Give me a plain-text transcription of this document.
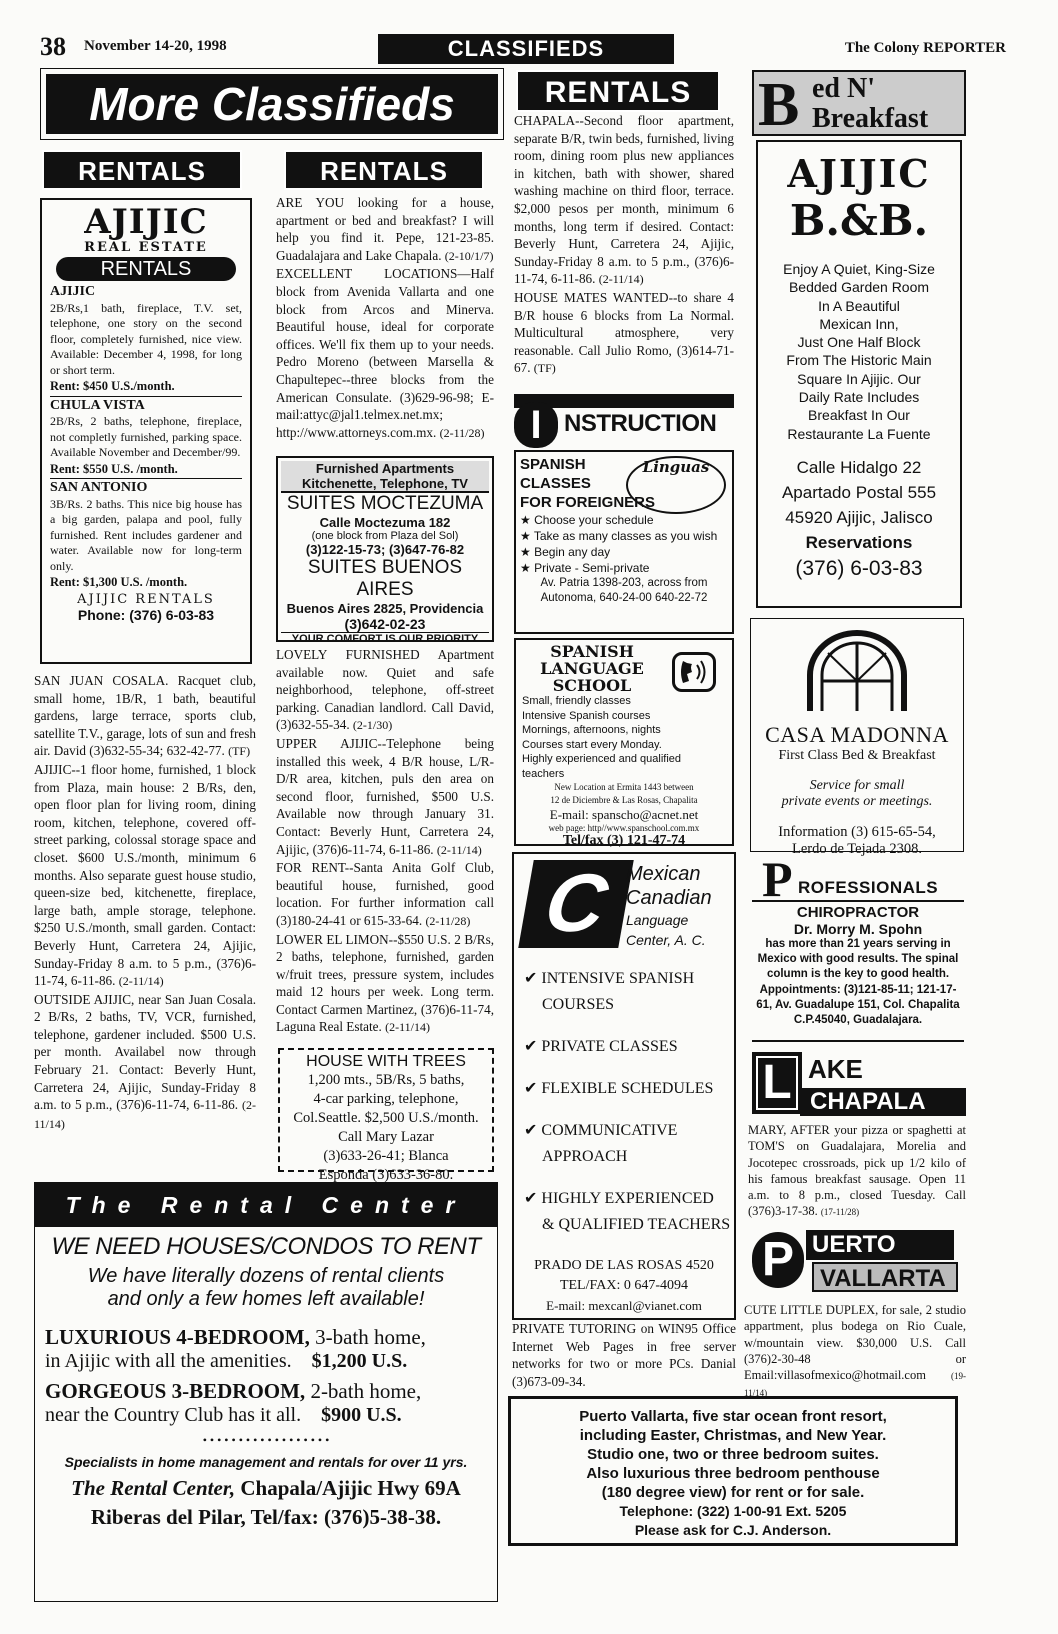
38 November 14-20, 1998	CLASSIFIEDS	The Colony REPORTER
More Classifieds
RENTALS
AJIJIC
REAL ESTATE
RENTALS

AJIJIC

2B/Rs,1 bath, fireplace, T.V. set, telephone, one story on the second floor, completely furnished, nice view. Available: December 4, 1998, for long or short term.

Rent: $450 U.S./month.

CHULA VISTA

2B/Rs, 2 baths, telephone, fireplace, not completly furnished, parking space. Available November and December/99.

Rent: $550 U.S. /month.

SAN ANTONIO

3B/Rs. 2 baths. This nice big house has a big garden, palapa and pool, fully furnished. Rent includes gardener and water. Available now for long-term only.

Rent: $1,300 U.S. /month.

AJIJIC RENTALS
Phone: (376) 6-03-83

SAN JUAN COSALA. Racquet club, small home, 1B/R, 1 bath, beautiful gardens, large terrace, sports club, satellite T.V., garage, lots of sun and fresh air. David (3)632-55-34; 632-42-77. (TF)

AJIJIC--1 floor home, furnished, 1 block from Plaza, main house: 2 B/Rs, den, open floor plan for living room, dining room, kitchen, telephone, covered off-street parking, colossal storage space and closet. $600 U.S./month, minimum 6 months. Also separate guest house studio, queen-size bed, kitchenette, fireplace, large bath, ample storage, telephone. $250 U.S./month, small garden. Contact: Beverly Hunt, Carretera 24, Ajijic, Sunday-Friday 8 a.m. to 5 p.m., (376)6-11-74, 6-11-86. (2-11/14)

OUTSIDE AJIJIC, near San Juan Cosala. 2 B/Rs, 2 baths, TV, VCR, furnished, telephone, gardener included. $500 U.S. per month. Availabel now through February 21. Contact: Beverly Hunt, Carretera 24, Ajijic, Sunday-Friday 8 a.m. to 5 p.m., (376)6-11-74, 6-11-86. (2-11/14)

RENTALS

ARE YOU looking for a house, apartment or bed and breakfast? I will help you find it. Pepe, 121-23-85. Guadalajara and Lake Chapala. (2-10/1/7)

EXCELLENT LOCATIONS—Half block from Avenida Vallarta and one block from Arcos and Minerva. Beautiful house, ideal for corporate offices. We'll fix them up to your needs. Pedro Moreno (between Marsella & Chapultepec--three blocks from the American Consulate. (3)629-96-98; E-mail:attyc@jal1.telmex.net.mx; http://www.attorneys.com.mx. (2-11/28)

Furnished Apartments
Kitchenette, Telephone, TV
SUITES MOCTEZUMA
Calle Moctezuma 182
(one block from Plaza del Sol)
(3)122-15-73; (3)647-76-82
SUITES BUENOS AIRES
Buenos Aires 2825, Providencia
(3)642-02-23
YOUR COMFORT IS OUR PRIORITY

LOVELY FURNISHED Apartment available now. Quiet and safe neighborhood, telephone, off-street parking. Canadian landlord. Call David, (3)632-55-34. (2-1/30)

UPPER AJIJIC--Telephone being installed this week, 4 B/R house, L/R-D/R area, kitchen, puls den area on second floor, furnished, $500 U.S. Available now through January 31. Contact: Beverly Hunt, Carretera 24, Ajijic, (376)6-11-74, 6-11-86. (2-11/14)

FOR RENT--Santa Anita Golf Club, beautiful house, furnished, good location. For further information call (3)180-24-41 or 615-33-64. (2-11/28)

LOWER EL LIMON--$550 U.S. 2 B/Rs, 2 baths, telephone, furnished, garden w/fruit trees, pressure system, includes maid 12 hours per week. Long term. Contact Carmen Martinez, (376)6-11-74, Laguna Real Estate. (2-11/14)

HOUSE WITH TREES
1,200 mts., 5B/Rs, 5 baths,
4-car parking, telephone,
Col.Seattle. $2,500 U.S./month.
Call Mary Lazar
(3)633-26-41; Blanca
Esponda (3)633-36-80.
The Rental Center
WE NEED HOUSES/CONDOS TO RENT
We have literally dozens of rental clients
and only a few homes left available!
LUXURIOUS 4-BEDROOM, 3-bath home,
in Ajijic with all the amenities. $1,200 U.S.
GORGEOUS 3-BEDROOM, 2-bath home,
near the Country Club has it all. $900 U.S.
• • • • • • • • • • • • • • • • • •
Specialists in home management and rentals for over 11 yrs.
The Rental Center, Chapala/Ajijic Hwy 69A
Riberas del Pilar, Tel/fax: (376)5-38-38.
RENTALS

CHAPALA--Second floor apartment, separate B/R, twin beds, furnished, living room, dining room plus new appliances in kitchen, bath with shower, shared washing machine on third floor, terrace. $2,000 pesos per month, minimum 6 months, long term if desired. Contact: Beverly Hunt, Carretera 24, Ajijic, Sunday-Friday 8 a.m. to 5 p.m., (376)6-11-74, 6-11-86. (2-11/14)

HOUSE MATES WANTED--to share 4 B/R house 6 blocks from La Normal. Multicultural atmosphere, very reasonable. Call Julio Romo, (3)614-71-67. (TF)

I NSTRUCTION
SPANISH
CLASSES
FOR FOREIGNERS
Linguas
★ Choose your schedule
★ Take as many classes as you wish
★ Begin any day
★ Private - Semi-private
Av. Patria 1398-203, across from
Autonoma, 640-24-00 640-22-72
SPANISH
LANGUAGE
SCHOOL
Small, friendly classes
Intensive Spanish courses
Mornings, afternoons, nights
Courses start every Monday.
Highly experienced and qualified teachers
New Location at Ermita 1443 between
12 de Diciembre & Las Rosas, Chapalita
E-mail: spanscho@acnet.net
web page: http//www.spanschool.com.mx
Tel/fax (3) 121-47-74
C Mexican
Canadian
Language
Center, A. C.
✔ INTENSIVE SPANISH
COURSES
✔ PRIVATE CLASSES
✔ FLEXIBLE SCHEDULES
✔ COMMUNICATIVE
APPROACH
✔ HIGHLY EXPERIENCED
& QUALIFIED TEACHERS
PRADO DE LAS ROSAS 4520
TEL/FAX: 0 647-4094
E-mail: mexcanl@vianet.com

PRIVATE TUTORING on WIN95 Office Internet Web Pages in free server networks for two or more PCs. Danial (3)673-09-34.

B ed N'
Breakfast
AJIJIC
B.&B.
Enjoy A Quiet, King-Size
Bedded Garden Room
In A Beautiful
Mexican Inn,
Just One Half Block
From The Historic Main
Square In Ajijic. Our
Daily Rate Includes
Breakfast In Our
Restaurante La Fuente
Calle Hidalgo 22
Apartado Postal 555
45920 Ajijic, Jalisco
Reservations
(376) 6-03-83
CASA MADONNA
First Class Bed & Breakfast
Service for small
private events or meetings.
Information (3) 615-65-54,
Lerdo de Tejada 2308.
P ROFESSIONALS
CHIROPRACTOR
Dr. Morry M. Spohn
has more than 21 years serving in Mexico with good results. The spinal column is the key to good health. Appointments: (3)121-85-11; 121-17-61, Av. Guadalupe 151, Col. Chapalita C.P.45040, Guadalajara.
L AKE
CHAPALA

MARY, AFTER your pizza or spaghetti at TOM'S on Guadalajara, Morelia and Jocotepec crossroads, pick up 1/2 kilo of his famous breakfast sausage. Open 11 a.m. to 8 p.m., closed Tuesday. Call (376)3-17-38. (17-11/28)

P UERTO
VALLARTA

CUTE LITTLE DUPLEX, for sale, 2 studio appartment, plus bodega on Rio Cuale, w/mountain view. $30,000 U.S. Call (376)2-30-48 or Email:villasofmexico@hotmail.com	(19-11/14)

Puerto Vallarta, five star ocean front resort,
including Easter, Christmas, and New Year.
Studio one, two or three bedroom suites.
Also luxurious three bedroom penthouse
(180 degree view) for rent or for sale.
Telephone: (322) 1-00-91 Ext. 5205
Please ask for C.J. Anderson.
